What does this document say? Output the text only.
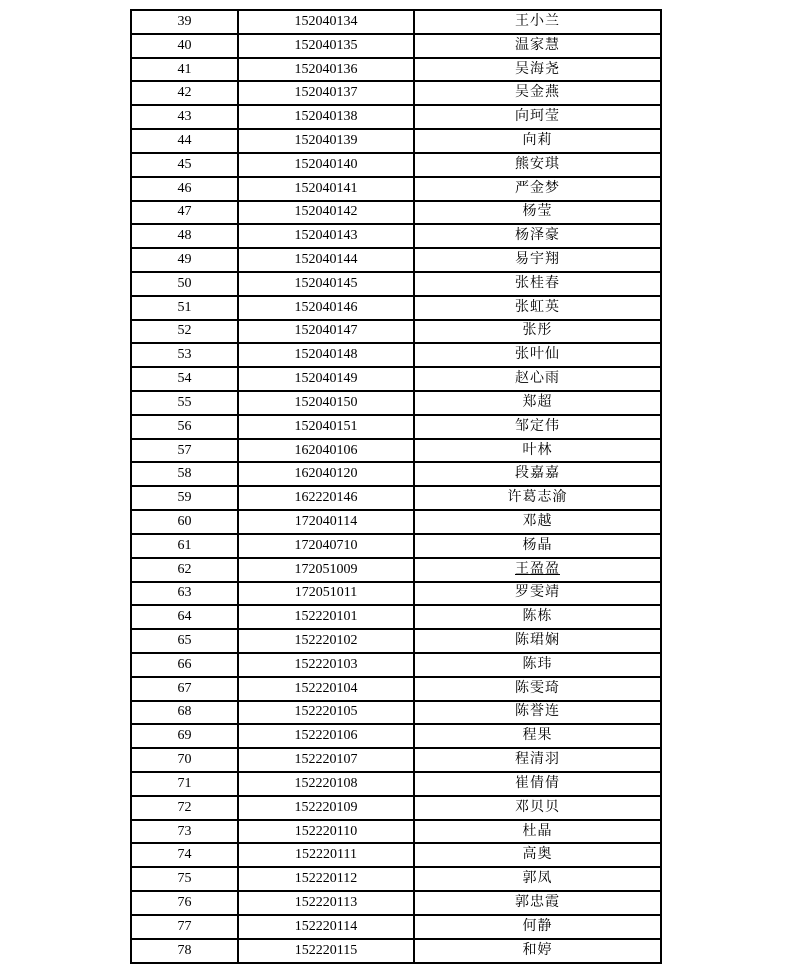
39	152040134	王小兰
40	152040135	温家慧
41	152040136	吴海尧
42	152040137	吴金燕
43	152040138	向珂莹
44	152040139	向莉
45	152040140	熊安琪
46	152040141	严金梦
47	152040142	杨莹
48	152040143	杨泽豪
49	152040144	易宇翔
50	152040145	张桂春
51	152040146	张虹英
52	152040147	张彤
53	152040148	张叶仙
54	152040149	赵心雨
55	152040150	郑超
56	152040151	邹定伟
57	162040106	叶林
58	162040120	段嘉嘉
59	162220146	许葛志渝
60	172040114	邓越
61	172040710	杨晶
62	172051009	王盈盈
63	172051011	罗雯靖
64	152220101	陈栋
65	152220102	陈珺娴
66	152220103	陈玮
67	152220104	陈雯琦
68	152220105	陈誉连
69	152220106	程果
70	152220107	程清羽
71	152220108	崔倩倩
72	152220109	邓贝贝
73	152220110	杜晶
74	152220111	高奥
75	152220112	郭凤
76	152220113	郭忠霞
77	152220114	何静
78	152220115	和婷
